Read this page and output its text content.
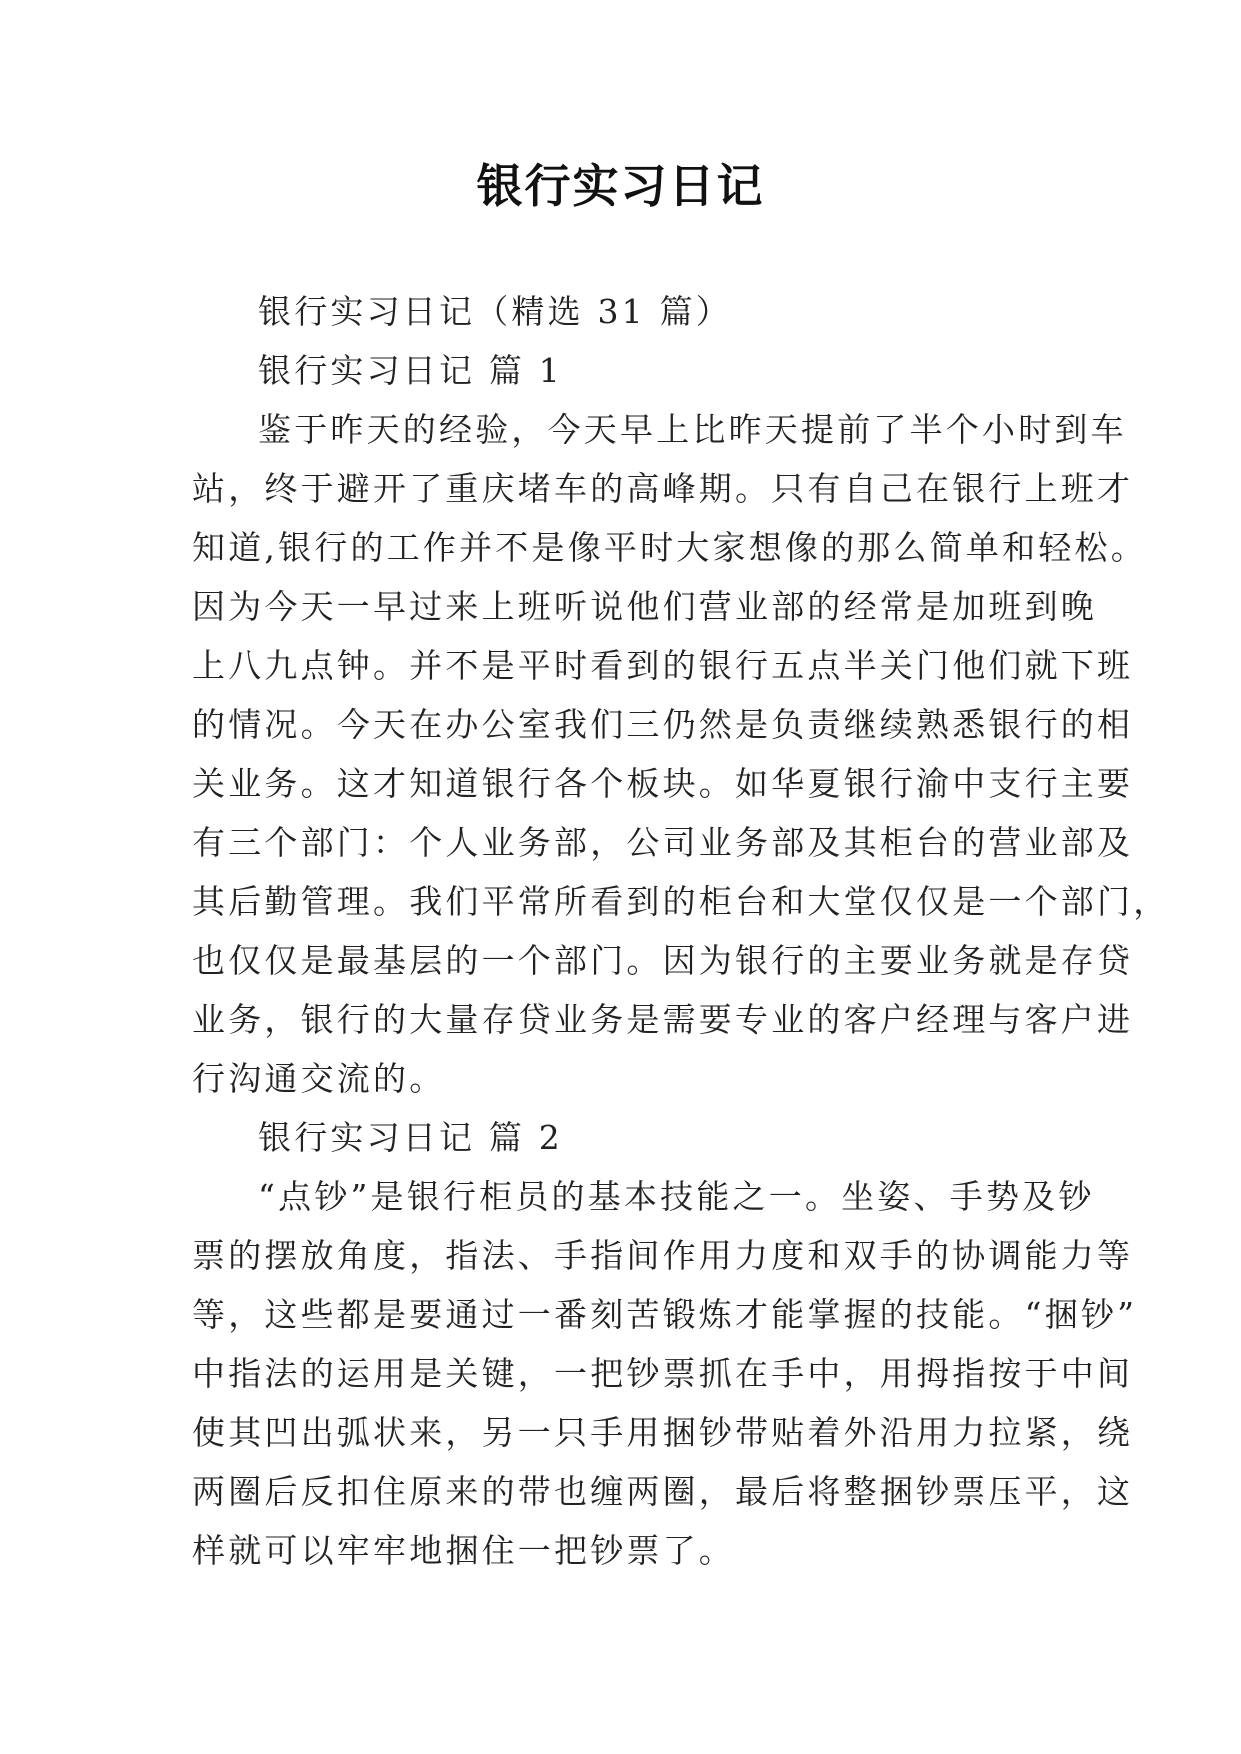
银行实习日记
银行实习日记（精选 31 篇）
银行实习日记 篇 1
鉴于昨天的经验，今天早上比昨天提前了半个小时到车
站，终于避开了重庆堵车的高峰期。只有自己在银行上班才
知道,银行的工作并不是像平时大家想像的那么简单和轻松。
因为今天一早过来上班听说他们营业部的经常是加班到晚
上八九点钟。并不是平时看到的银行五点半关门他们就下班
的情况。今天在办公室我们三仍然是负责继续熟悉银行的相
关业务。这才知道银行各个板块。如华夏银行渝中支行主要
有三个部门：个人业务部，公司业务部及其柜台的营业部及
其后勤管理。我们平常所看到的柜台和大堂仅仅是一个部门，
也仅仅是最基层的一个部门。因为银行的主要业务就是存贷
业务，银行的大量存贷业务是需要专业的客户经理与客户进
行沟通交流的。
银行实习日记 篇 2
“点钞”是银行柜员的基本技能之一。坐姿、手势及钞
票的摆放角度，指法、手指间作用力度和双手的协调能力等
等，这些都是要通过一番刻苦锻炼才能掌握的技能。“捆钞”
中指法的运用是关键，一把钞票抓在手中，用拇指按于中间
使其凹出弧状来，另一只手用捆钞带贴着外沿用力拉紧，绕
两圈后反扣住原来的带也缠两圈，最后将整捆钞票压平，这
样就可以牢牢地捆住一把钞票了。
